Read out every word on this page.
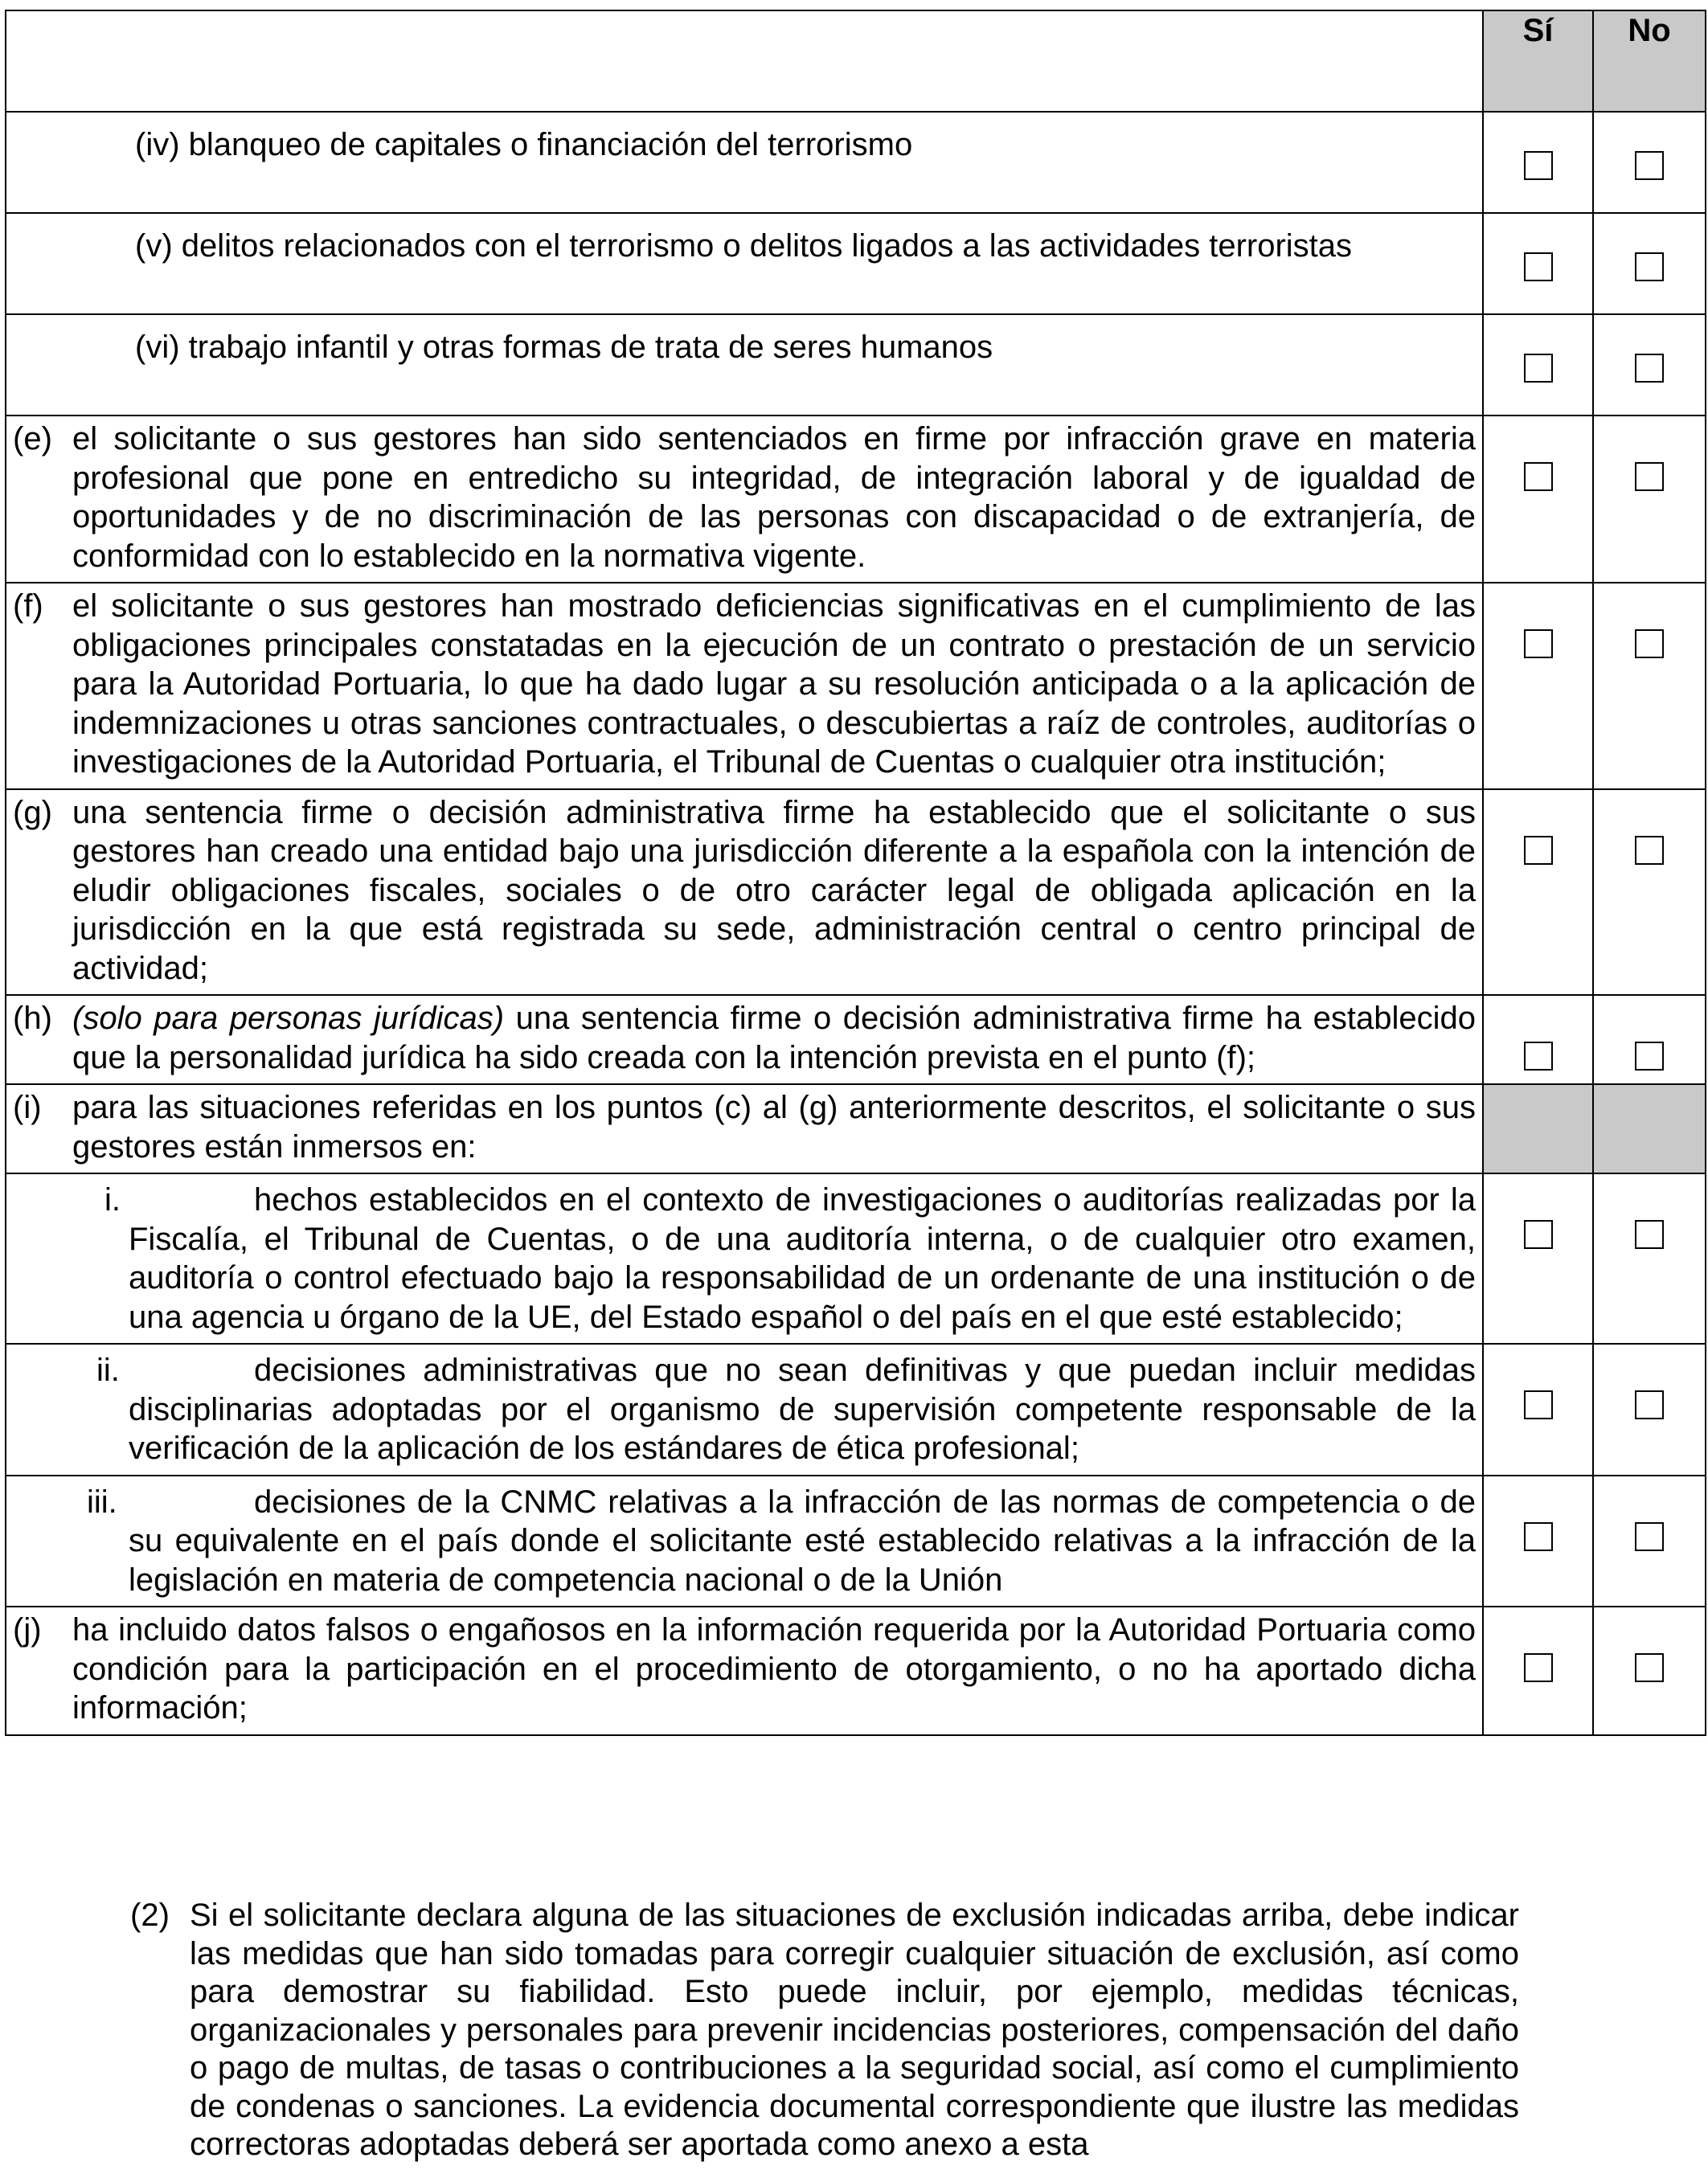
	Sí	No

(iv) blanqueo de capitales o financiación del terrorismo		

(v) delitos relacionados con el terrorismo o delitos ligados a las actividades terroristas		

(vi) trabajo infantil y otras formas de trata de seres humanos		

(e) el solicitante o sus gestores han sido sentenciados en firme por infracción grave en materia profesional que pone en entredicho su integridad, de integración laboral y de igualdad de oportunidades y de no discriminación de las personas con discapacidad o de extranjería, de conformidad con lo establecido en la normativa vigente.		

(f) el solicitante o sus gestores han mostrado deficiencias significativas en el cumplimiento de las obligaciones principales constatadas en la ejecución de un contrato o prestación de un servicio para la Autoridad Portuaria, lo que ha dado lugar a su resolución anticipada o a la aplicación de indemnizaciones u otras sanciones contractuales, o descubiertas a raíz de controles, auditorías o investigaciones de la Autoridad Portuaria, el Tribunal de Cuentas o cualquier otra institución;		

(g) una sentencia firme o decisión administrativa firme ha establecido que el solicitante o sus gestores han creado una entidad bajo una jurisdicción diferente a la española con la intención de eludir obligaciones fiscales, sociales o de otro carácter legal de obligada aplicación en la jurisdicción en la que está registrada su sede, administración central o centro principal de actividad;		

(h) (solo para personas jurídicas) una sentencia firme o decisión administrativa firme ha establecido que la personalidad jurídica ha sido creada con la intención prevista en el punto (f);		

(i) para las situaciones referidas en los puntos (c) al (g) anteriormente descritos, el solicitante o sus gestores están inmersos en:		

i. hechos establecidos en el contexto de investigaciones o auditorías realizadas por la Fiscalía, el Tribunal de Cuentas, o de una auditoría interna, o de cualquier otro examen, auditoría o control efectuado bajo la responsabilidad de un ordenante de una institución o de una agencia u órgano de la UE, del Estado español o del país en el que esté establecido;		

ii. decisiones administrativas que no sean definitivas y que puedan incluir medidas disciplinarias adoptadas por el organismo de supervisión competente responsable de la verificación de la aplicación de los estándares de ética profesional;		

iii. decisiones de la CNMC relativas a la infracción de las normas de competencia o de su equivalente en el país donde el solicitante esté establecido relativas a la infracción de la legislación en materia de competencia nacional o de la Unión		

(j) ha incluido datos falsos o engañosos en la información requerida por la Autoridad Portuaria como condición para la participación en el procedimiento de otorgamiento, o no ha aportado dicha información;		

(2) Si el solicitante declara alguna de las situaciones de exclusión indicadas arriba, debe indicar las medidas que han sido tomadas para corregir cualquier situación de exclusión, así como para demostrar su fiabilidad. Esto puede incluir, por ejemplo, medidas técnicas, organizacionales y personales para prevenir incidencias posteriores, compensación del daño o pago de multas, de tasas o contribuciones a la seguridad social, así como el cumplimiento de condenas o sanciones. La evidencia documental correspondiente que ilustre las medidas correctoras adoptadas deberá ser aportada como anexo a esta
